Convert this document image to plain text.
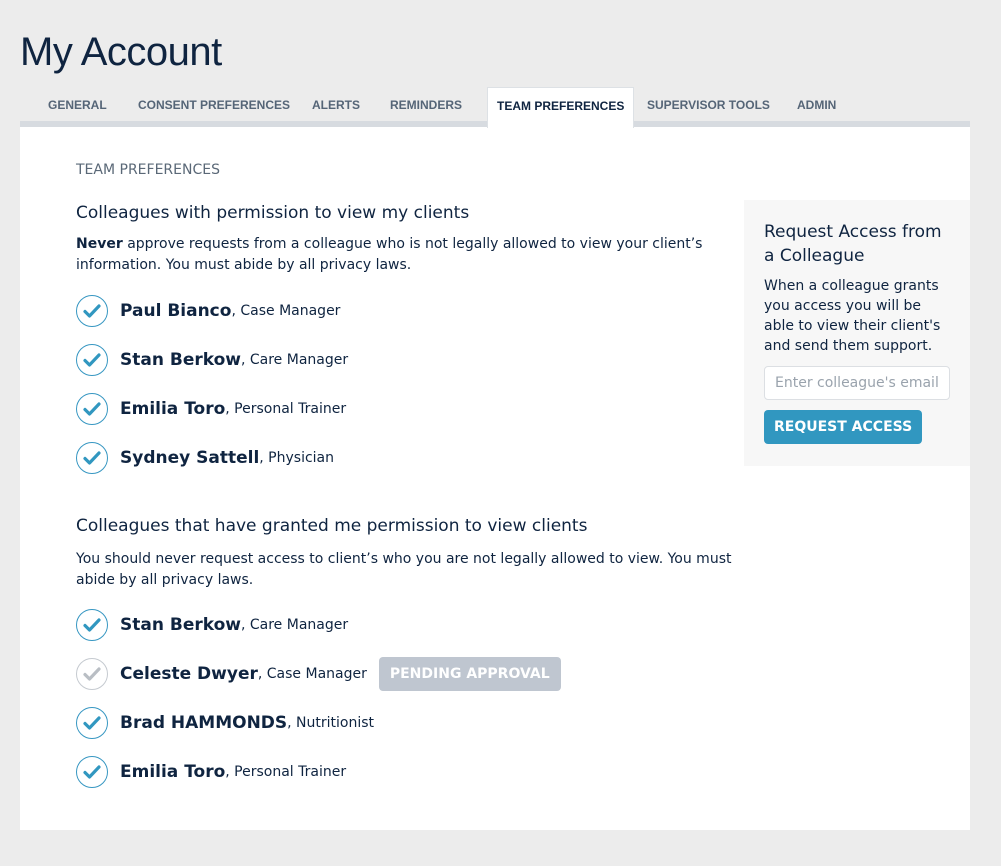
My Account
GENERAL	CONSENT PREFERENCES ALERTS	REMINDERS	TEAM PREFERENCES	SUPERVISOR TOOLS ADMIN
TEAM PREFERENCES
Colleagues with permission to view my clients
Never approve requests from a colleague who is not legally allowed to view your client’s information. You must abide by all privacy laws.
Paul Bianco , Case Manager
Stan Berkow , Care Manager
Emilia Toro , Personal Trainer
Sydney Sattell , Physician
Colleagues that have granted me permission to view clients
You should never request access to client’s who you are not legally allowed to view. You must abide by all privacy laws.
Stan Berkow , Care Manager
Celeste Dwyer , Case Manager	PENDING APPROVAL
Brad HAMMONDS , Nutritionist
Emilia Toro , Personal Trainer
Request Access from a Colleague
When a colleague grants you access you will be able to view their client's and send them support.
Enter colleague's email REQUEST ACCESS
